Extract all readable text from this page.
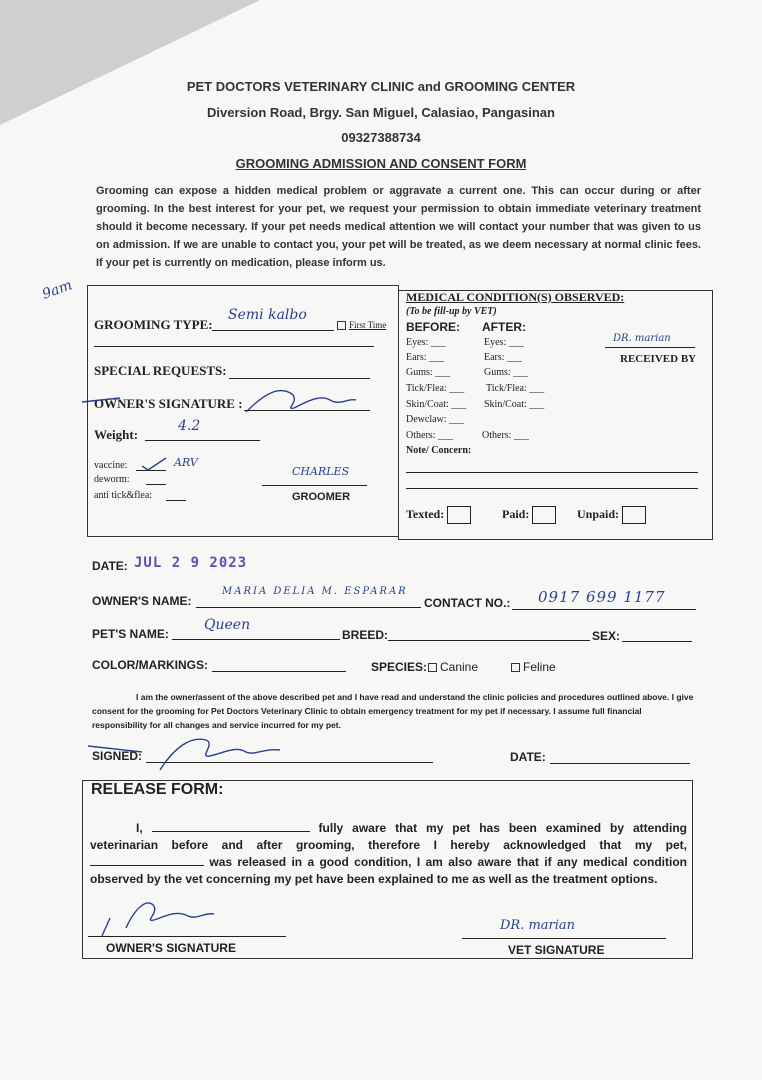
PET DOCTORS VETERINARY CLINIC and GROOMING CENTER
Diversion Road, Brgy. San Miguel, Calasiao, Pangasinan
09327388734
GROOMING ADMISSION AND CONSENT FORM
Grooming can expose a hidden medical problem or aggravate a current one. This can occur during or after grooming. In the best interest for your pet, we request your permission to obtain immediate veterinary treatment should it become necessary. If your pet needs medical attention we will contact your number that was given to us on admission. If we are unable to contact you, your pet will be treated, as we deem necessary at normal clinic fees. If your pet is currently on medication, please inform us.
9am
GROOMING TYPE:
Semi kalbo
First Time
SPECIAL REQUESTS:
OWNER'S SIGNATURE :
Weight:
4.2
vaccine:	ARV
deworm:
anti tick&flea:
CHARLES
GROOMER
MEDICAL CONDITION(S) OBSERVED:
(To be fill-up by VET)
BEFORE: AFTER:
Eyes: ___	Eyes: ___
Ears: ___	Ears: ___
Gums: ___	Gums: ___
Tick/Flea: ___ Tick/Flea: ___
Skin/Coat: ___ Skin/Coat: ___
Dewclaw: ___
Others: ___	Others: ___
Note/ Concern:
DR. marian
RECEIVED BY
Texted:	Paid:	Unpaid:
DATE: JUL 2 9 2023
OWNER'S NAME:
MARIA DELIA M. ESPARAR
CONTACT NO.: 0917 699 1177
PET'S NAME:
Queen
BREED:	SEX:
COLOR/MARKINGS:	SPECIES:	Canine	Feline
I am the owner/assent of the above described pet and I have read and understand the clinic policies and procedures outlined above. I give consent for the grooming for Pet Doctors Veterinary Clinic to obtain emergency treatment for my pet if necessary. I assume full financial responsibility for all changes and service incurred for my pet.
SIGNED:	DATE:
RELEASE FORM:
I,	fully aware that my pet has been examined by attending veterinarian before and after grooming, therefore I hereby acknowledged that my pet,  was released in a good condition, I am also aware that if any medical condition observed by the vet concerning my pet have been explained to me as well as the treatment options.
OWNER'S SIGNATURE
DR. marian
VET SIGNATURE
